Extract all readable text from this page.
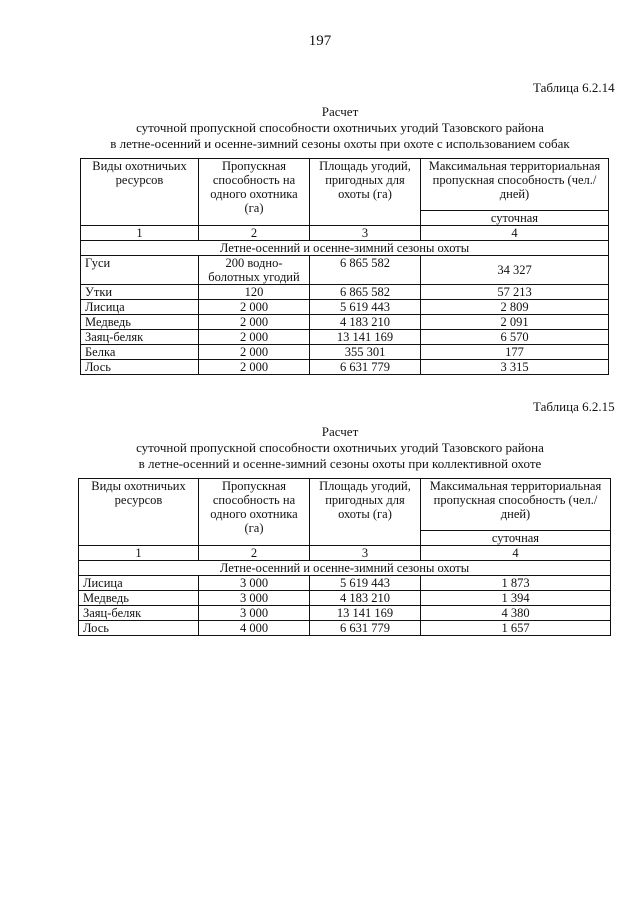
197
Таблица 6.2.14
Расчет
суточной пропускной способности охотничьих угодий Тазовского района
в летне-осенний и осенне-зимний сезоны охоты при охоте с использованием собак
Виды охотничьих ресурсов	Пропускная способность на одного охотника (га)	Площадь угодий, пригодных для охоты (га)	Максимальная территориальная пропускная способность (чел./дней)
			суточная
1	2	3	4
Летне-осенний и осенне-зимний сезоны охоты			
Гуси	200 водно-болотных угодий	6 865 582	34 327
Утки	120	6 865 582	57 213
Лисица	2 000	5 619 443	2 809
Медведь	2 000	4 183 210	2 091
Заяц-беляк	2 000	13 141 169	6 570
Белка	2 000	355 301	177
Лось	2 000	6 631 779	3 315
Таблица 6.2.15
Расчет
суточной пропускной способности охотничьих угодий Тазовского района
в летне-осенний и осенне-зимний сезоны охоты при коллективной охоте
Виды охотничьих ресурсов	Пропускная способность на одного охотника (га)	Площадь угодий, пригодных для охоты (га)	Максимальная территориальная пропускная способность (чел./дней)
			суточная
1	2	3	4
Летне-осенний и осенне-зимний сезоны охоты			
Лисица	3 000	5 619 443	1 873
Медведь	3 000	4 183 210	1 394
Заяц-беляк	3 000	13 141 169	4 380
Лось	4 000	6 631 779	1 657
